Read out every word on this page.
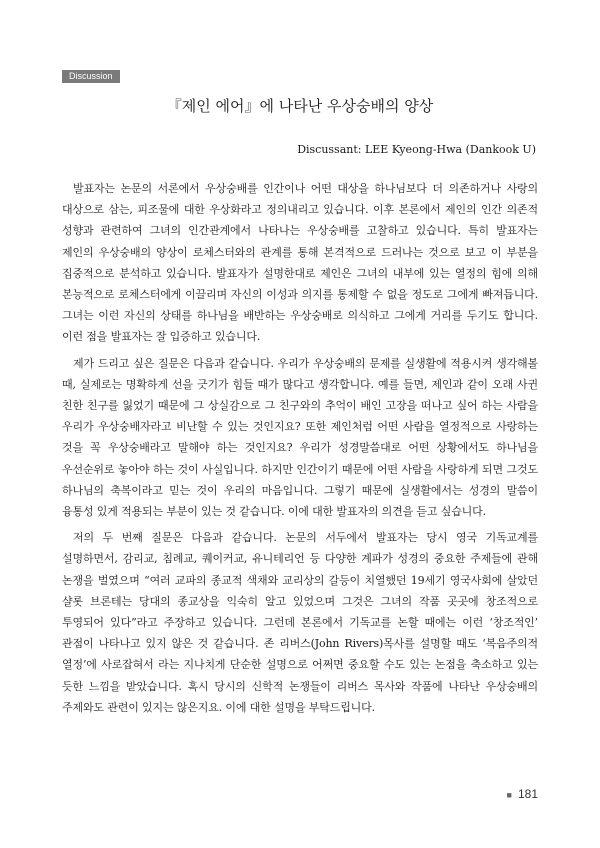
Discussion
『제인 에어』에 나타난 우상숭배의 양상
Discussant: LEE Kyeong-Hwa (Dankook U)

발표자는 논문의 서론에서 우상숭배를 인간이나 어떤 대상을 하나님보다 더 의존하거나 사랑의 대상으로 삼는, 피조물에 대한 우상화라고 정의내리고 있습니다. 이후 본론에서 제인의 인간 의존적 성향과 관련하여 그녀의 인간관계에서 나타나는 우상숭배를 고찰하고 있습니다. 특히 발표자는 제인의 우상숭배의 양상이 로체스터와의 관계를 통해 본격적으로 드러나는 것으로 보고 이 부분을 집중적으로 분석하고 있습니다. 발표자가 설명한대로 제인은 그녀의 내부에 있는 열정의 힘에 의해 본능적으로 로체스터에게 이끌리며 자신의 이성과 의지를 통제할 수 없을 정도로 그에게 빠져듭니다. 그녀는 이런 자신의 상태를 하나님을 배반하는 우상숭배로 의식하고 그에게 거리를 두기도 합니다. 이런 점을 발표자는 잘 입증하고 있습니다.

제가 드리고 싶은 질문은 다음과 같습니다. 우리가 우상숭배의 문제를 실생활에 적용시켜 생각해볼 때, 실제로는 명확하게 선을 긋기가 힘들 때가 많다고 생각합니다. 예를 들면, 제인과 같이 오래 사귄 친한 친구를 잃었기 때문에 그 상실감으로 그 친구와의 추억이 배인 고장을 떠나고 싶어 하는 사람을 우리가 우상숭배자라고 비난할 수 있는 것인지요? 또한 제인처럼 어떤 사람을 열정적으로 사랑하는 것을 꼭 우상숭배라고 말해야 하는 것인지요? 우리가 성경말씀대로 어떤 상황에서도 하나님을 우선순위로 놓아야 하는 것이 사실입니다. 하지만 인간이기 때문에 어떤 사람을 사랑하게 되면 그것도 하나님의 축복이라고 믿는 것이 우리의 마음입니다. 그렇기 때문에 실생활에서는 성경의 말씀이 융통성 있게 적용되는 부분이 있는 것 같습니다. 이에 대한 발표자의 의견을 듣고 싶습니다.

저의 두 번째 질문은 다음과 같습니다. 논문의 서두에서 발표자는 당시 영국 기독교계를 설명하면서, 감리교, 침례교, 퀘이커교, 유니테리언 등 다양한 계파가 성경의 중요한 주제들에 관해 논쟁을 벌였으며 “여러 교파의 종교적 색채와 교리상의 갈등이 치열했던 19세기 영국사회에 살았던 샬롯 브론테는 당대의 종교상을 익숙히 알고 있었으며 그것은 그녀의 작품 곳곳에 창조적으로 투영되어 있다”라고 주장하고 있습니다. 그런데 본론에서 기독교를 논할 때에는 이런 ‘창조적인’ 관점이 나타나고 있지 않은 것 같습니다. 존 리버스(John Rivers)목사를 설명할 때도 ‘복음주의적 열정’에 사로잡혀서 라는 지나치게 단순한 설명으로 어쩌면 중요할 수도 있는 논점을 축소하고 있는 듯한 느낌을 받았습니다. 혹시 당시의 신학적 논쟁들이 리버스 목사와 작품에 나타난 우상숭배의 주제와도 관련이 있지는 않은지요. 이에 대한 설명을 부탁드립니다.

■ 181
